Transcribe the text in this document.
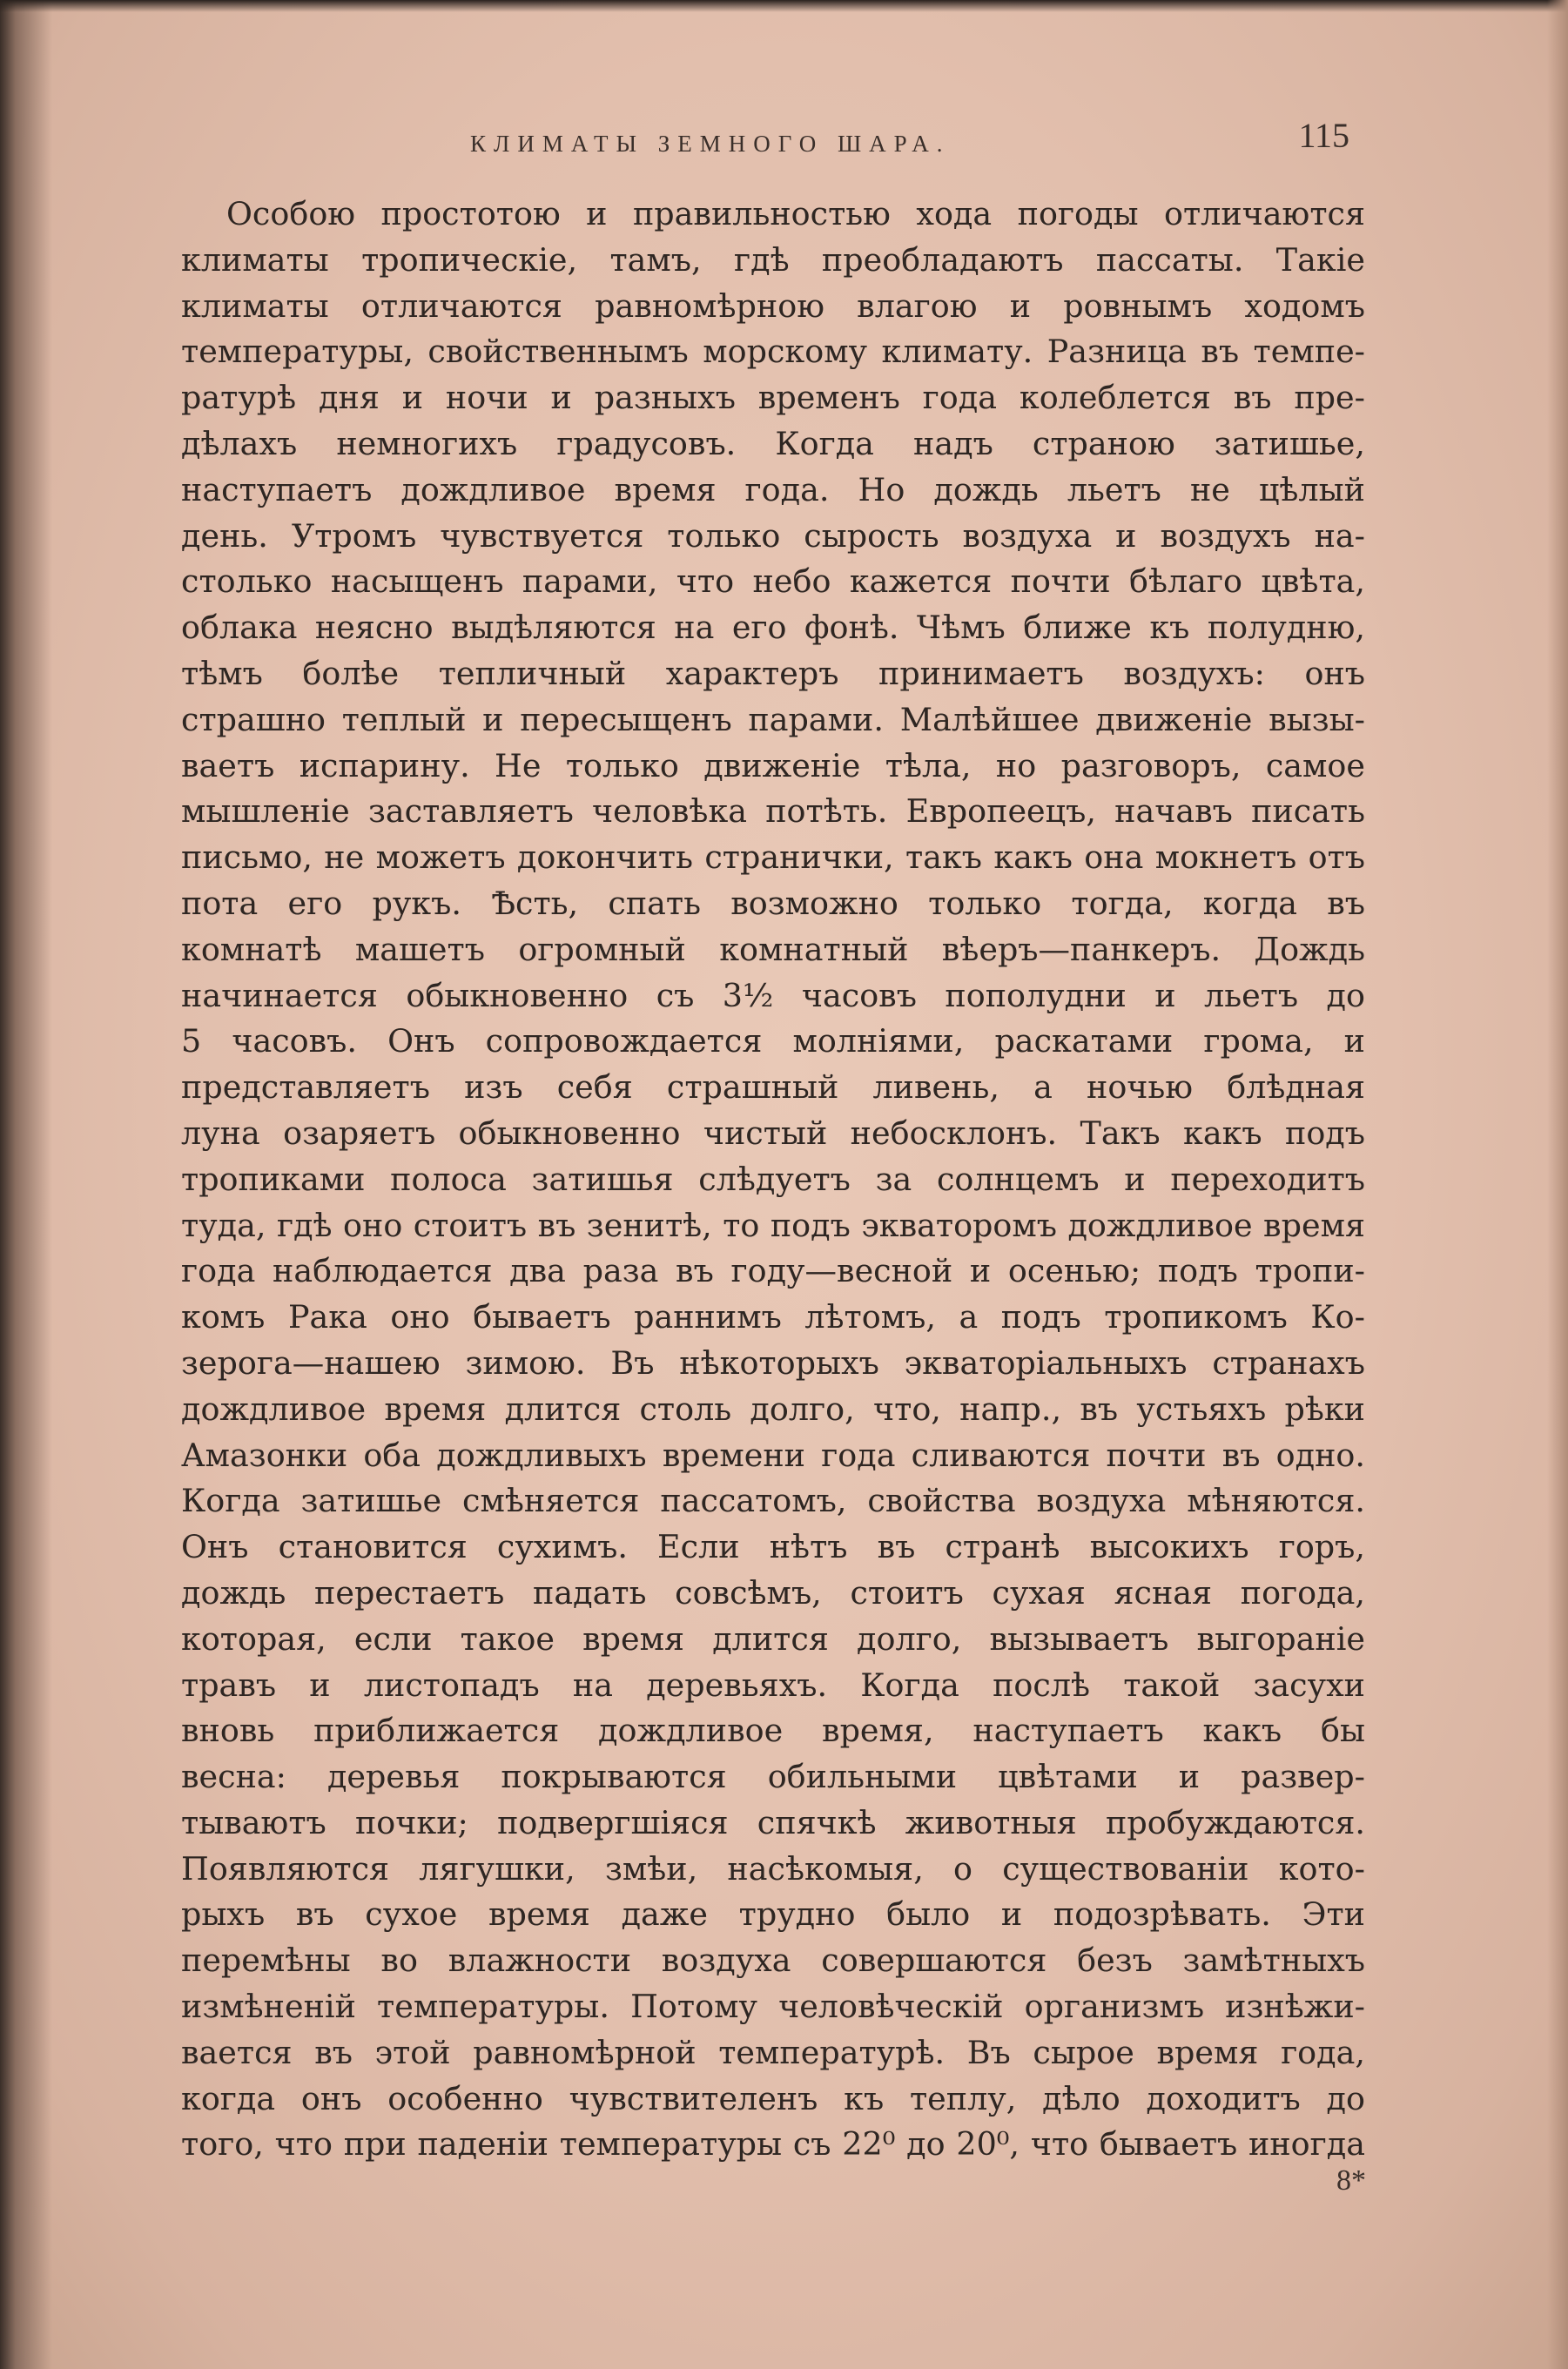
КЛИМАТЫ ЗЕМНОГО ШАРА.	115
Особою простотою и правильностью хода погоды отличаются
климаты тропическіе, тамъ, гдѣ преобладаютъ пассаты. Такіе
климаты отличаются равномѣрною влагою и ровнымъ ходомъ
температуры, свойственнымъ морскому климату. Разница въ темпе-
ратурѣ дня и ночи и разныхъ временъ года колеблется въ пре-
дѣлахъ немногихъ градусовъ. Когда надъ страною затишье,
наступаетъ дождливое время года. Но дождь льетъ не цѣлый
день. Утромъ чувствуется только сырость воздуха и воздухъ на-
столько насыщенъ парами, что небо кажется почти бѣлаго цвѣта,
облака неясно выдѣляются на его фонѣ. Чѣмъ ближе къ полудню,
тѣмъ болѣе тепличный характеръ принимаетъ воздухъ: онъ
страшно теплый и пересыщенъ парами. Малѣйшее движеніе вызы-
ваетъ испарину. Не только движеніе тѣла, но разговоръ, самое
мышленіе заставляетъ человѣка потѣть. Европеецъ, начавъ писать
письмо, не можетъ докончить странички, такъ какъ она мокнетъ отъ
пота его рукъ. Ѣсть, спать возможно только тогда, когда въ
комнатѣ машетъ огромный комнатный вѣеръ—панкеръ. Дождь
начинается обыкновенно съ 3½ часовъ пополудни и льетъ до
5 часовъ. Онъ сопровождается молніями, раскатами грома, и
представляетъ изъ себя страшный ливень, а ночью блѣдная
луна озаряетъ обыкновенно чистый небосклонъ. Такъ какъ подъ
тропиками полоса затишья слѣдуетъ за солнцемъ и переходитъ
туда, гдѣ оно стоитъ въ зенитѣ, то подъ экваторомъ дождливое время
года наблюдается два раза въ году—весной и осенью; подъ тропи-
комъ Рака оно бываетъ раннимъ лѣтомъ, а подъ тропикомъ Ко-
зерога—нашею зимою. Въ нѣкоторыхъ экваторіальныхъ странахъ
дождливое время длится столь долго, что, напр., въ устьяхъ рѣки
Амазонки оба дождливыхъ времени года сливаются почти въ одно.
Когда затишье смѣняется пассатомъ, свойства воздуха мѣняются.
Онъ становится сухимъ. Если нѣтъ въ странѣ высокихъ горъ,
дождь перестаетъ падать совсѣмъ, стоитъ сухая ясная погода,
которая, если такое время длится долго, вызываетъ выгораніе
травъ и листопадъ на деревьяхъ. Когда послѣ такой засухи
вновь приближается дождливое время, наступаетъ какъ бы
весна: деревья покрываются обильными цвѣтами и развер-
тываютъ почки; подвергшіяся спячкѣ животныя пробуждаются.
Появляются лягушки, змѣи, насѣкомыя, о существованіи кото-
рыхъ въ сухое время даже трудно было и подозрѣвать. Эти
перемѣны во влажности воздуха совершаются безъ замѣтныхъ
измѣненій температуры. Потому человѣческій организмъ изнѣжи-
вается въ этой равномѣрной температурѣ. Въ сырое время года,
когда онъ особенно чувствителенъ къ теплу, дѣло доходитъ до
того, что при паденіи температуры съ 22⁰ до 20⁰, что бываетъ иногда
8*
